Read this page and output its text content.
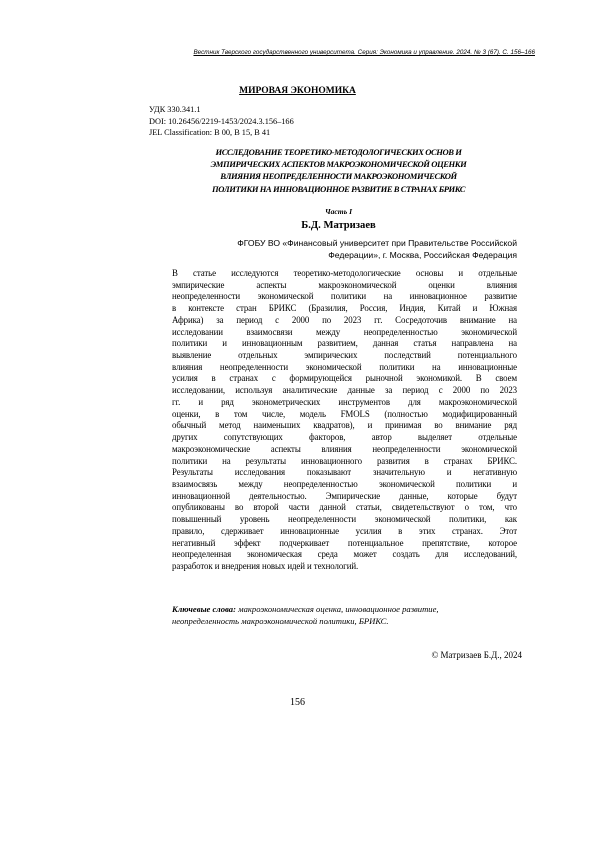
Вестник Тверского государственного университета. Серия: Экономика и управление. 2024. № 3 (67). С. 156–166
МИРОВАЯ ЭКОНОМИКА
УДК 330.341.1
DOI: 10.26456/2219-1453/2024.3.156–166
JEL Classification: B 00, B 15, B 41
ИССЛЕДОВАНИЕ ТЕОРЕТИКО-МЕТОДОЛОГИЧЕСКИХ ОСНОВ И
ЭМПИРИЧЕСКИХ АСПЕКТОВ МАКРОЭКОНОМИЧЕСКОЙ ОЦЕНКИ
ВЛИЯНИЯ НЕОПРЕДЕЛЕННОСТИ МАКРОЭКОНОМИЧЕСКОЙ
ПОЛИТИКИ НА ИННОВАЦИОННОЕ РАЗВИТИЕ В СТРАНАХ БРИКС
Часть I
Б.Д. Матризаев
ФГОБУ ВО «Финансовый университет при Правительстве Российской
Федерации», г. Москва, Российская Федерация
В статье исследуются теоретико-методологические основы и отдельные
эмпирические аспекты макроэкономической оценки влияния
неопределенности экономической политики на инновационное развитие
в контексте стран БРИКС (Бразилия, Россия, Индия, Китай и Южная
Африка) за период с 2000 по 2023 гг. Сосредоточив внимание на
исследовании взаимосвязи между неопределенностью экономической
политики и инновационным развитием, данная статья направлена на
выявление отдельных эмпирических последствий потенциального
влияния неопределенности экономической политики на инновационные
усилия в странах с формирующейся рыночной экономикой. В своем
исследовании, используя аналитические данные за период с 2000 по 2023
гг. и ряд эконометрических инструментов для макроэкономической
оценки, в том числе, модель FMOLS (полностью модифицированный
обычный метод наименьших квадратов), и принимая во внимание ряд
других сопутствующих факторов, автор выделяет отдельные
макроэкономические аспекты влияния неопределенности экономической
политики на результаты инновационного развития в странах БРИКС.
Результаты исследования показывают значительную и негативную
взаимосвязь между неопределенностью экономической политики и
инновационной деятельностью. Эмпирические данные, которые будут
опубликованы во второй части данной статьи, свидетельствуют о том, что
повышенный уровень неопределенности экономической политики, как
правило, сдерживает инновационные усилия в этих странах. Этот
негативный эффект подчеркивает потенциальное препятствие, которое
неопределенная экономическая среда может создать для исследований,
разработок и внедрения новых идей и технологий.
Ключевые слова: макроэкономическая оценка, инновационное развитие,
неопределенность макроэкономической политики, БРИКС.
© Матризаев Б.Д., 2024
156
